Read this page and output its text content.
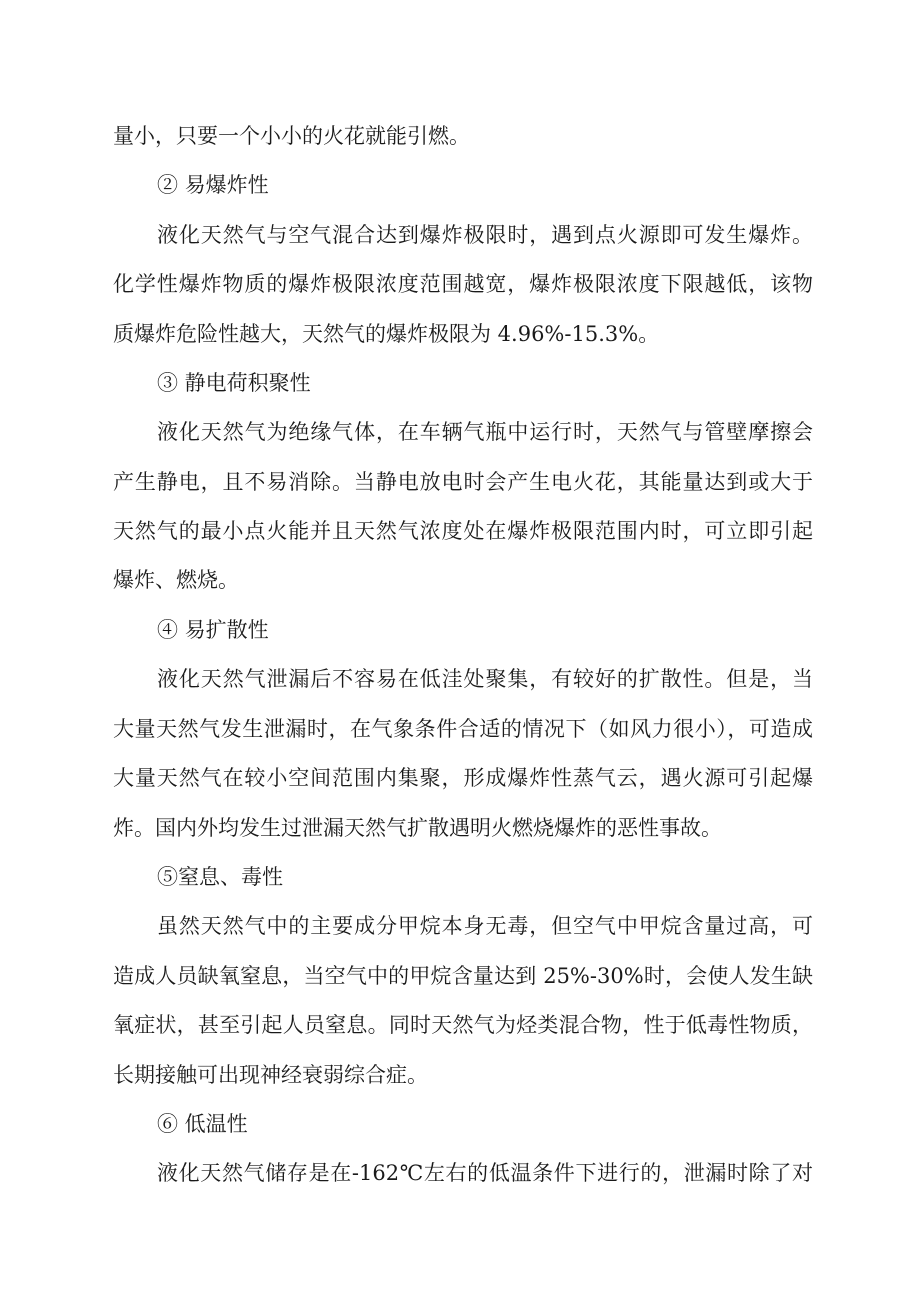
量小，只要一个小小的火花就能引燃。
② 易爆炸性
液化天然气与空气混合达到爆炸极限时，遇到点火源即可发生爆炸。
化学性爆炸物质的爆炸极限浓度范围越宽，爆炸极限浓度下限越低，该物
质爆炸危险性越大，天然气的爆炸极限为 4.96%-15.3%。
③ 静电荷积聚性
液化天然气为绝缘气体，在车辆气瓶中运行时，天然气与管壁摩擦会
产生静电，且不易消除。当静电放电时会产生电火花，其能量达到或大于
天然气的最小点火能并且天然气浓度处在爆炸极限范围内时，可立即引起
爆炸、燃烧。
④ 易扩散性
液化天然气泄漏后不容易在低洼处聚集，有较好的扩散性。但是，当
大量天然气发生泄漏时，在气象条件合适的情况下（如风力很小），可造成
大量天然气在较小空间范围内集聚，形成爆炸性蒸气云，遇火源可引起爆
炸。国内外均发生过泄漏天然气扩散遇明火燃烧爆炸的恶性事故。
⑤窒息、毒性
虽然天然气中的主要成分甲烷本身无毒，但空气中甲烷含量过高，可
造成人员缺氧窒息，当空气中的甲烷含量达到 25%-30%时，会使人发生缺
氧症状，甚至引起人员窒息。同时天然气为烃类混合物，性于低毒性物质，
长期接触可出现神经衰弱综合症。
⑥ 低温性
液化天然气储存是在-162℃左右的低温条件下进行的，泄漏时除了对
